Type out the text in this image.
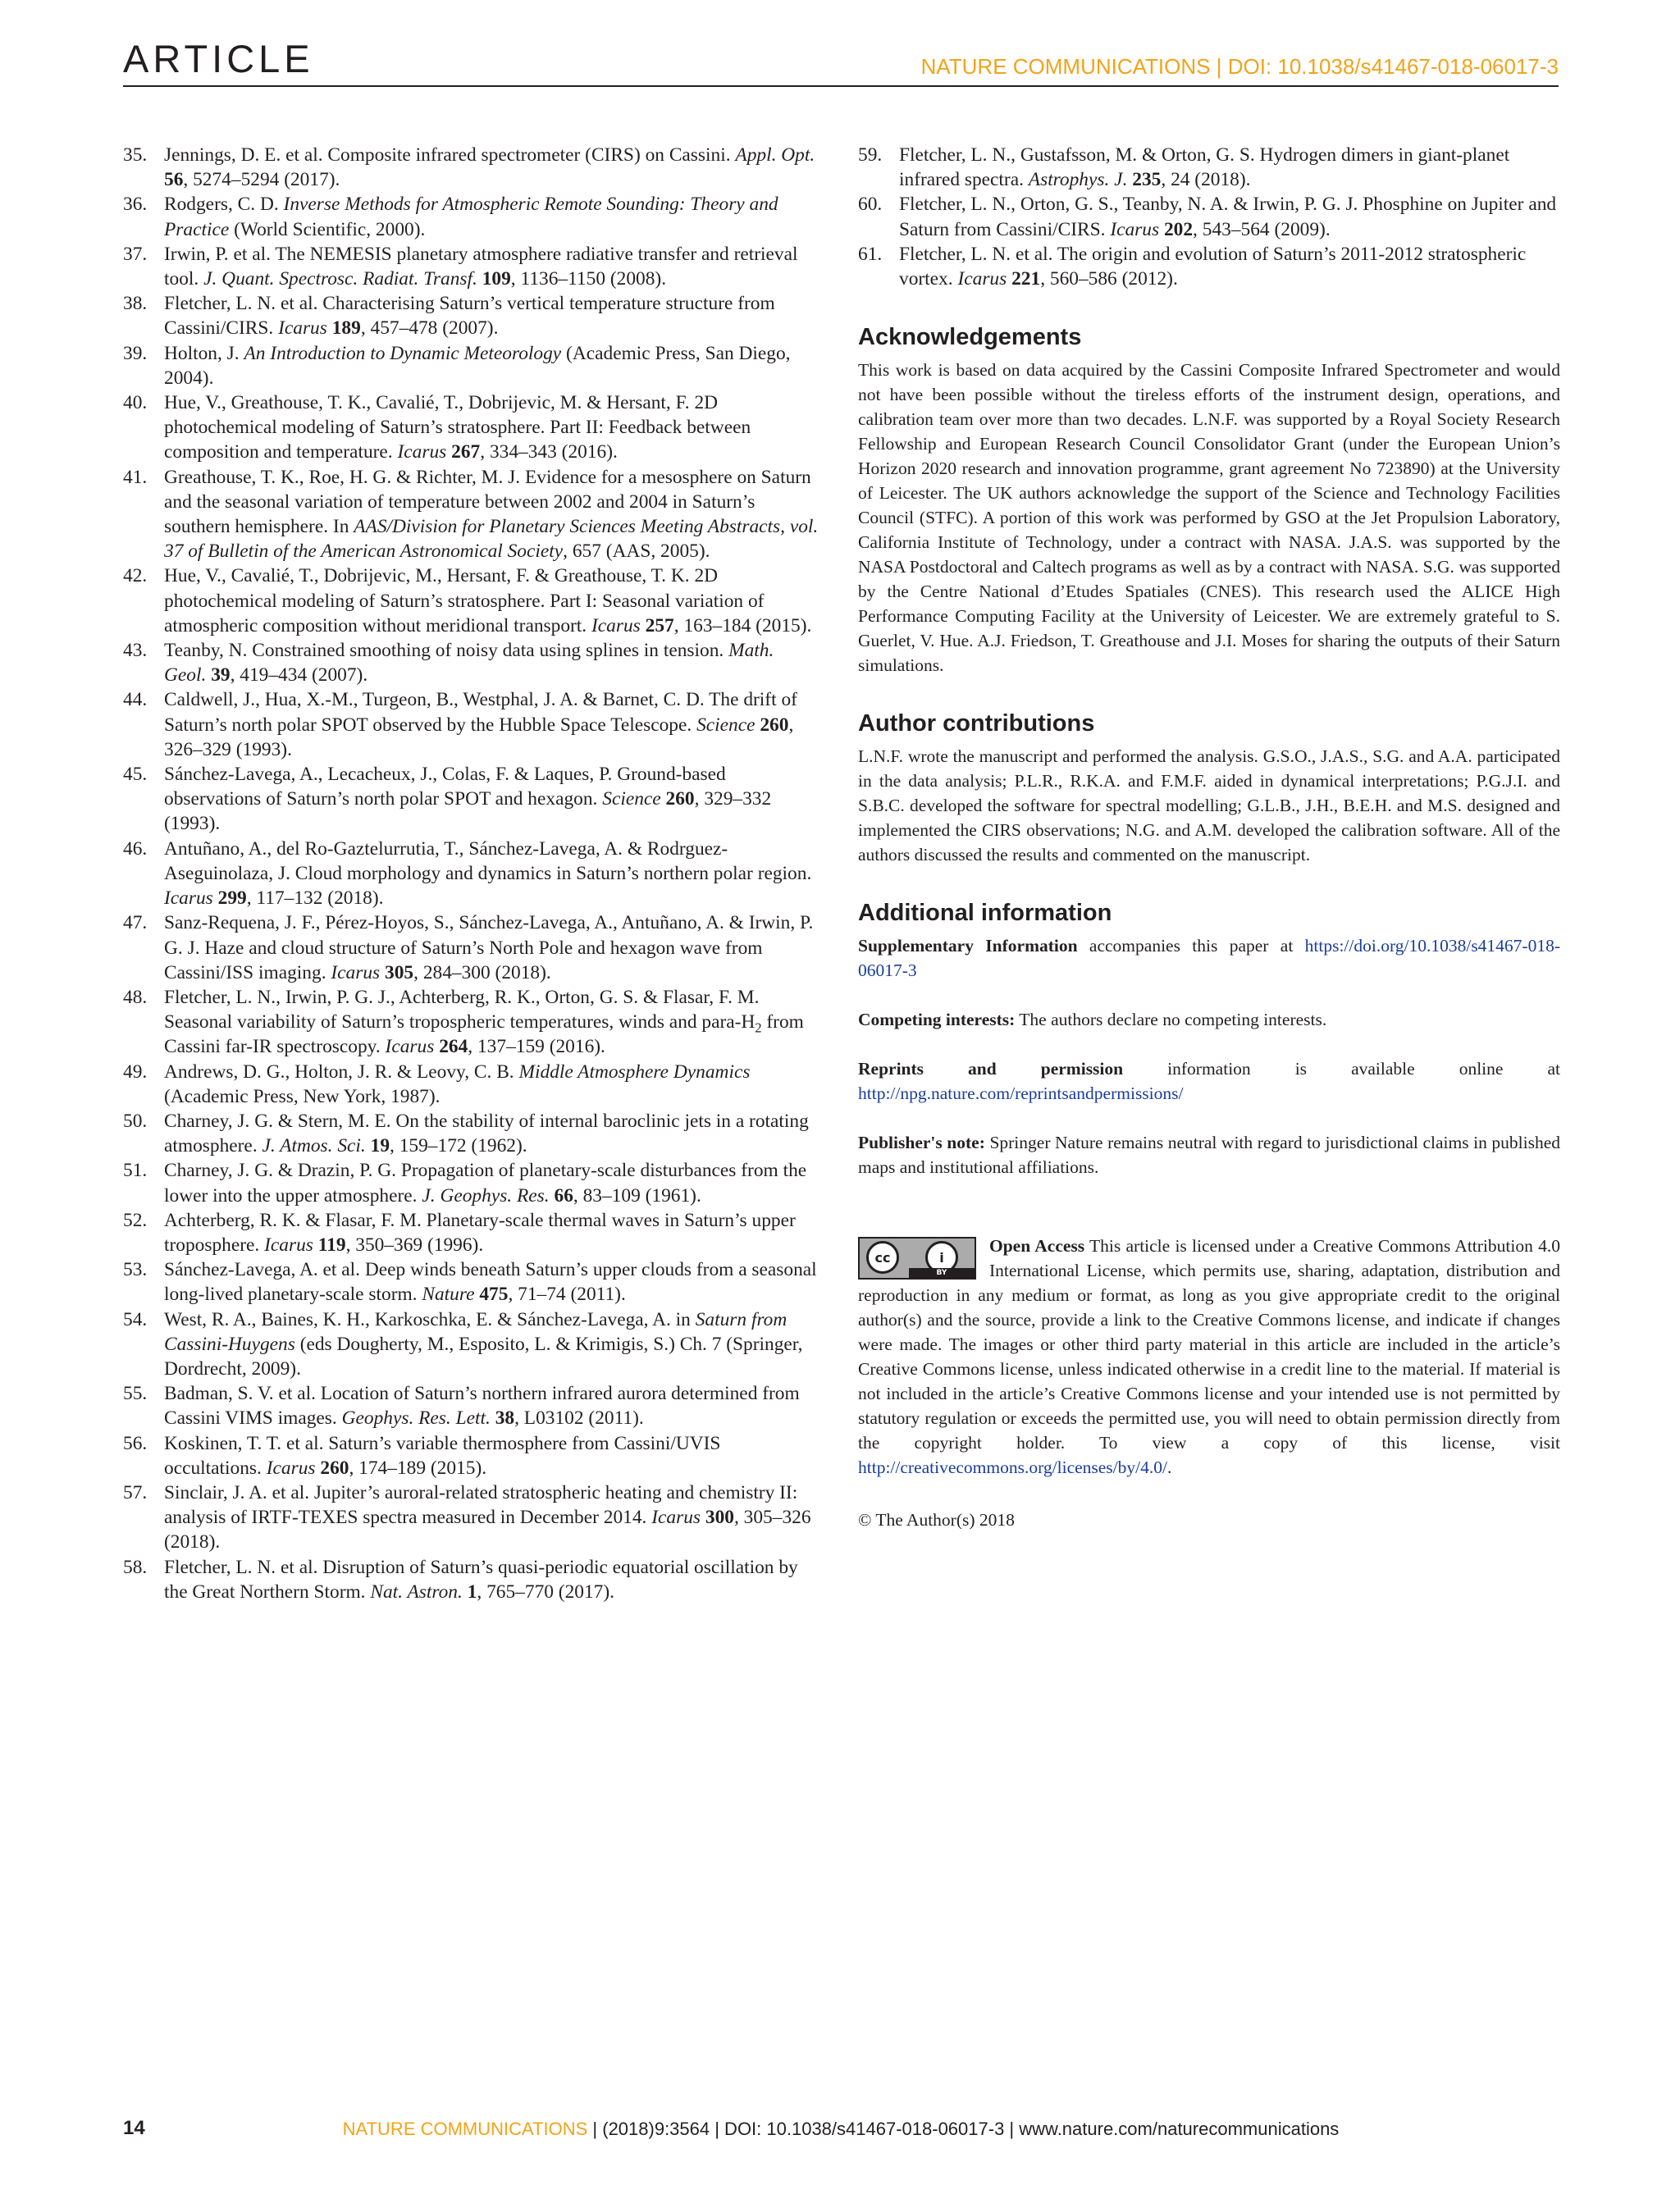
ARTICLE	NATURE COMMUNICATIONS | DOI: 10.1038/s41467-018-06017-3

35. Jennings, D. E. et al. Composite infrared spectrometer (CIRS) on Cassini. Appl. Opt. 56, 5274–5294 (2017).

36. Rodgers, C. D. Inverse Methods for Atmospheric Remote Sounding: Theory and Practice (World Scientific, 2000).

37. Irwin, P. et al. The NEMESIS planetary atmosphere radiative transfer and retrieval tool. J. Quant. Spectrosc. Radiat. Transf. 109, 1136–1150 (2008).

38. Fletcher, L. N. et al. Characterising Saturn’s vertical temperature structure from Cassini/CIRS. Icarus 189, 457–478 (2007).

39. Holton, J. An Introduction to Dynamic Meteorology (Academic Press, San Diego, 2004).

40. Hue, V., Greathouse, T. K., Cavalié, T., Dobrijevic, M. & Hersant, F. 2D photochemical modeling of Saturn’s stratosphere. Part II: Feedback between composition and temperature. Icarus 267, 334–343 (2016).

41. Greathouse, T. K., Roe, H. G. & Richter, M. J. Evidence for a mesosphere on Saturn and the seasonal variation of temperature between 2002 and 2004 in Saturn’s southern hemisphere. In AAS/Division for Planetary Sciences Meeting Abstracts, vol. 37 of Bulletin of the American Astronomical Society, 657 (AAS, 2005).

42. Hue, V., Cavalié, T., Dobrijevic, M., Hersant, F. & Greathouse, T. K. 2D photochemical modeling of Saturn’s stratosphere. Part I: Seasonal variation of atmospheric composition without meridional transport. Icarus 257, 163–184 (2015).

43. Teanby, N. Constrained smoothing of noisy data using splines in tension. Math. Geol. 39, 419–434 (2007).

44. Caldwell, J., Hua, X.-M., Turgeon, B., Westphal, J. A. & Barnet, C. D. The drift of Saturn’s north polar SPOT observed by the Hubble Space Telescope. Science 260, 326–329 (1993).

45. Sánchez-Lavega, A., Lecacheux, J., Colas, F. & Laques, P. Ground-based observations of Saturn’s north polar SPOT and hexagon. Science 260, 329–332 (1993).

46. Antuñano, A., del Ro-Gaztelurrutia, T., Sánchez-Lavega, A. & Rodrguez-Aseguinolaza, J. Cloud morphology and dynamics in Saturn’s northern polar region. Icarus 299, 117–132 (2018).

47. Sanz-Requena, J. F., Pérez-Hoyos, S., Sánchez-Lavega, A., Antuñano, A. & Irwin, P. G. J. Haze and cloud structure of Saturn’s North Pole and hexagon wave from Cassini/ISS imaging. Icarus 305, 284–300 (2018).

48. Fletcher, L. N., Irwin, P. G. J., Achterberg, R. K., Orton, G. S. & Flasar, F. M. Seasonal variability of Saturn’s tropospheric temperatures, winds and para-$H_2$ from Cassini far-IR spectroscopy. Icarus 264, 137–159 (2016).

49. Andrews, D. G., Holton, J. R. & Leovy, C. B. Middle Atmosphere Dynamics (Academic Press, New York, 1987).

50. Charney, J. G. & Stern, M. E. On the stability of internal baroclinic jets in a rotating atmosphere. J. Atmos. Sci. 19, 159–172 (1962).

51. Charney, J. G. & Drazin, P. G. Propagation of planetary-scale disturbances from the lower into the upper atmosphere. J. Geophys. Res. 66, 83–109 (1961).

52. Achterberg, R. K. & Flasar, F. M. Planetary-scale thermal waves in Saturn’s upper troposphere. Icarus 119, 350–369 (1996).

53. Sánchez-Lavega, A. et al. Deep winds beneath Saturn’s upper clouds from a seasonal long-lived planetary-scale storm. Nature 475, 71–74 (2011).

54. West, R. A., Baines, K. H., Karkoschka, E. & Sánchez-Lavega, A. in Saturn from Cassini-Huygens (eds Dougherty, M., Esposito, L. & Krimigis, S.) Ch. 7 (Springer, Dordrecht, 2009).

55. Badman, S. V. et al. Location of Saturn’s northern infrared aurora determined from Cassini VIMS images. Geophys. Res. Lett. 38, L03102 (2011).

56. Koskinen, T. T. et al. Saturn’s variable thermosphere from Cassini/UVIS occultations. Icarus 260, 174–189 (2015).

57. Sinclair, J. A. et al. Jupiter’s auroral-related stratospheric heating and chemistry II: analysis of IRTF-TEXES spectra measured in December 2014. Icarus 300, 305–326 (2018).

58. Fletcher, L. N. et al. Disruption of Saturn’s quasi-periodic equatorial oscillation by the Great Northern Storm. Nat. Astron. 1, 765–770 (2017).

59. Fletcher, L. N., Gustafsson, M. & Orton, G. S. Hydrogen dimers in giant-planet infrared spectra. Astrophys. J. 235, 24 (2018).

60. Fletcher, L. N., Orton, G. S., Teanby, N. A. & Irwin, P. G. J. Phosphine on Jupiter and Saturn from Cassini/CIRS. Icarus 202, 543–564 (2009).

61. Fletcher, L. N. et al. The origin and evolution of Saturn’s 2011-2012 stratospheric vortex. Icarus 221, 560–586 (2012).

Acknowledgements

This work is based on data acquired by the Cassini Composite Infrared Spectrometer and would not have been possible without the tireless efforts of the instrument design, operations, and calibration team over more than two decades. L.N.F. was supported by a Royal Society Research Fellowship and European Research Council Consolidator Grant (under the European Union’s Horizon 2020 research and innovation programme, grant agreement No 723890) at the University of Leicester. The UK authors acknowledge the support of the Science and Technology Facilities Council (STFC). A portion of this work was performed by GSO at the Jet Propulsion Laboratory, California Institute of Technology, under a contract with NASA. J.A.S. was supported by the NASA Postdoctoral and Caltech programs as well as by a contract with NASA. S.G. was supported by the Centre National d’Etudes Spatiales (CNES). This research used the ALICE High Performance Computing Facility at the University of Leicester. We are extremely grateful to S. Guerlet, V. Hue. A.J. Friedson, T. Greathouse and J.I. Moses for sharing the outputs of their Saturn simulations.

Author contributions

L.N.F. wrote the manuscript and performed the analysis. G.S.O., J.A.S., S.G. and A.A. participated in the data analysis; P.L.R., R.K.A. and F.M.F. aided in dynamical interpretations; P.G.J.I. and S.B.C. developed the software for spectral modelling; G.L.B., J.H., B.E.H. and M.S. designed and implemented the CIRS observations; N.G. and A.M. developed the calibration software. All of the authors discussed the results and commented on the manuscript.

Additional information

Supplementary Information accompanies this paper at https://doi.org/10.1038/s41467-018-06017-3

Competing interests: The authors declare no competing interests.

Reprints and permission	information is available online at http://npg.nature.com/reprintsandpermissions/

Publisher's note: Springer Nature remains neutral with regard to jurisdictional claims in published maps and institutional affiliations.

cc	i
BY

Open Access This article is licensed under a Creative Commons Attribution 4.0 International License, which permits use, sharing, adaptation, distribution and reproduction in any medium or format, as long as you give appropriate credit to the original author(s) and the source, provide a link to the Creative Commons license, and indicate if changes were made. The images or other third party material in this article are included in the article’s Creative Commons license, unless indicated otherwise in a credit line to the material. If material is not included in the article’s Creative Commons license and your intended use is not permitted by statutory regulation or exceeds the permitted use, you will need to obtain permission directly from the copyright holder. To view a copy of this license, visit http://creativecommons.org/licenses/by/4.0/.

© The Author(s) 2018

14	NATURE COMMUNICATIONS | (2018)9:3564 | DOI: 10.1038/s41467-018-06017-3 | www.nature.com/naturecommunications
